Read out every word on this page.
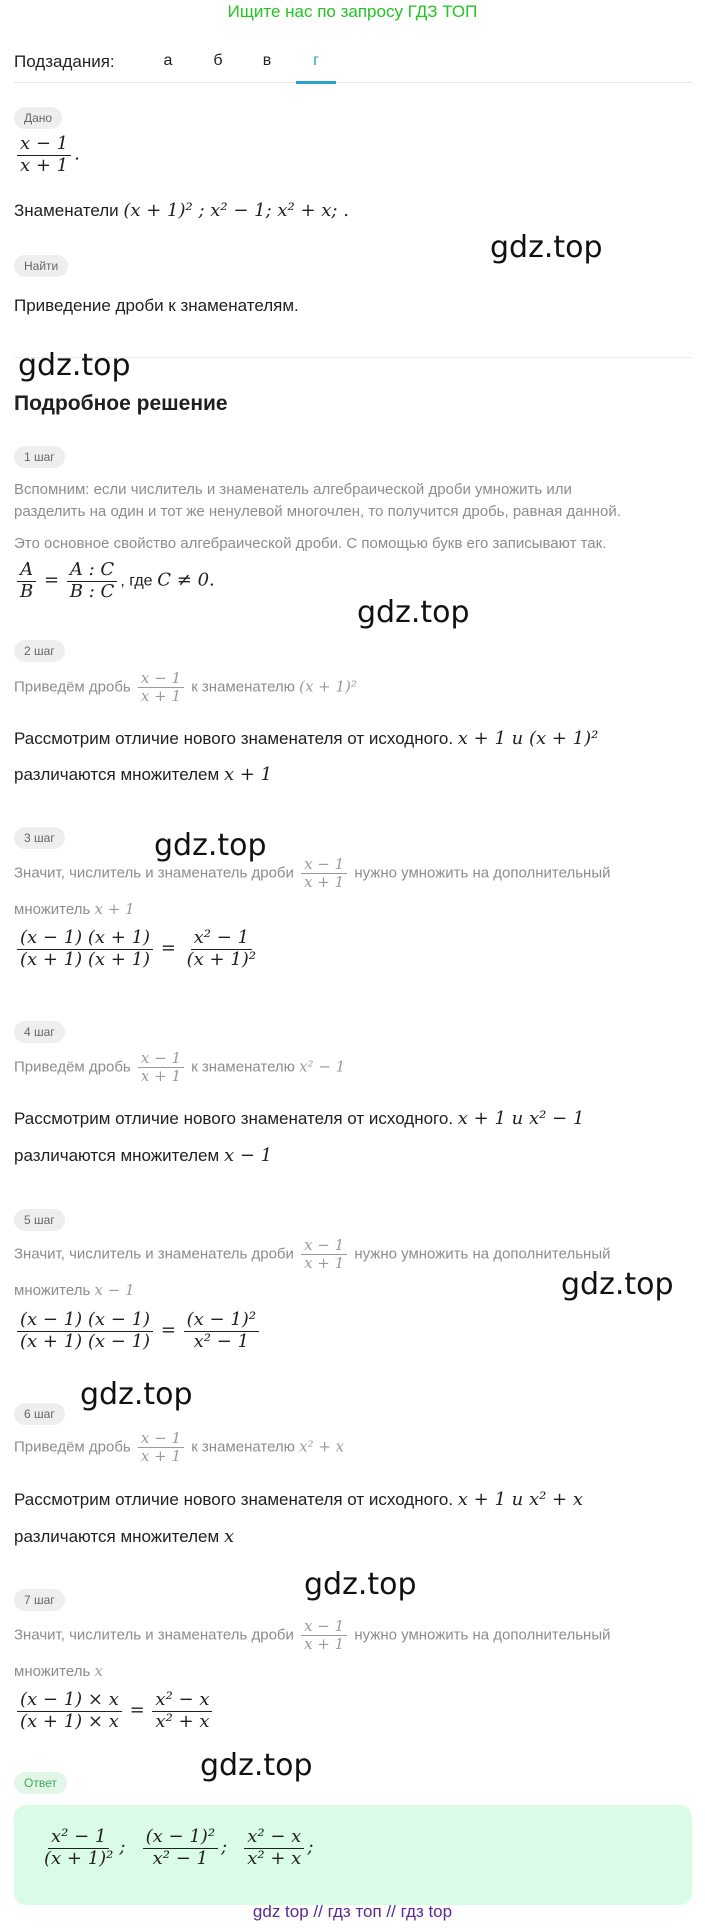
Ищите нас по запросу ГДЗ ТОП
Подзадания:	а	б	в	г
Дано
$\frac{x - 1}{x + 1}$ .
Знаменатели (x + 1)² ; x² − 1; x² + x; .
Найти
Приведение дроби к знаменателям.
Подробное решение
1 шаг
Вспомним: если числитель и знаменатель алгебраической дроби умножить или
разделить на один и тот же ненулевой многочлен, то получится дробь, равная данной.
Это основное свойство алгебраической дроби. С помощью букв его записывают так.
$\frac{A}{B} = \frac{A : C}{B : C}$ , где C ≠ 0.
2 шаг
Приведём дробь $\frac{x - 1}{x + 1}$ к знаменателю (x + 1)²
Рассмотрим отличие нового знаменателя от исходного. x + 1 и (x + 1)²
различаются множителем x + 1
3 шаг
Значит, числитель и знаменатель дроби $\frac{x - 1}{x + 1}$ нужно умножить на дополнительный
множитель x + 1
$\frac{(x - 1) (x + 1)}{(x + 1) (x + 1)} = \frac{\text{x² − 1}}{\text{(x + 1)²}}$
4 шаг
Приведём дробь $\frac{x - 1}{x + 1}$ к знаменателю x² − 1
Рассмотрим отличие нового знаменателя от исходного. x + 1 и x² − 1
различаются множителем x − 1
5 шаг
Значит, числитель и знаменатель дроби $\frac{x - 1}{x + 1}$ нужно умножить на дополнительный
множитель x − 1
$\frac{(x - 1) (x - 1)}{(x + 1) (x - 1)} = \frac{\text{(x − 1)²}}{\text{x² − 1}}$
6 шаг
Приведём дробь $\frac{x - 1}{x + 1}$ к знаменателю x² + x
Рассмотрим отличие нового знаменателя от исходного. x + 1 и x² + x
различаются множителем x
7 шаг
Значит, числитель и знаменатель дроби $\frac{x - 1}{x + 1}$ нужно умножить на дополнительный
множитель x
$\frac{(x - 1) \times x}{(x + 1) \times x} = \frac{\text{x² − x}}{\text{x² + x}}$
Ответ
$\frac{\text{x² − 1}}{\text{(x + 1)²}}$ ; $\frac{\text{(x − 1)²}}{\text{x² − 1}}$ ; $\frac{\text{x² − x}}{\text{x² + x}}$ ;
gdz top // гдз топ // гдз top
gdz.top
gdz.top
gdz.top
gdz.top
gdz.top
gdz.top
gdz.top
gdz.top
